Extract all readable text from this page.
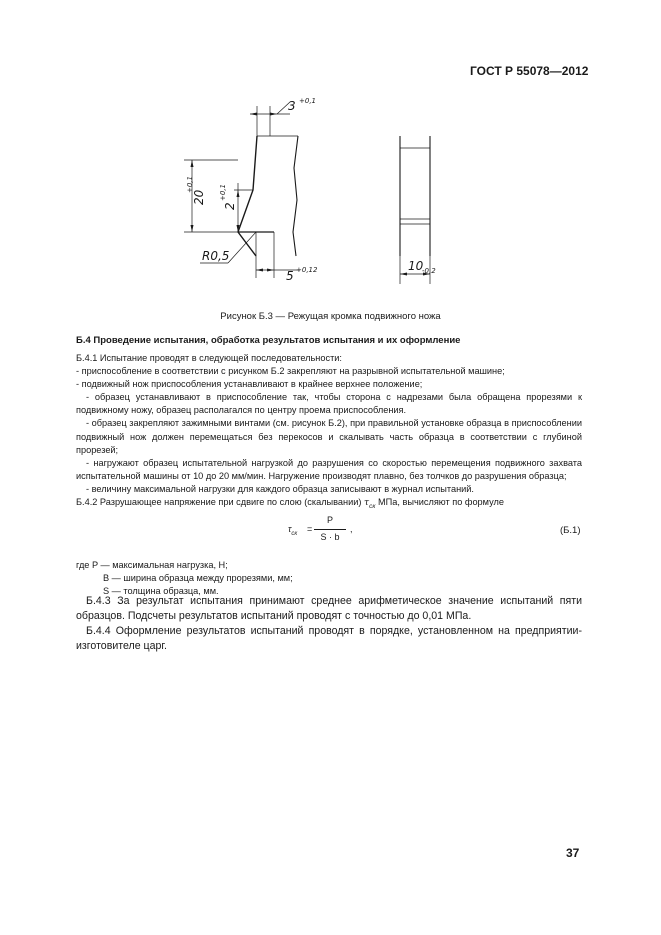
ГОСТ Р 55078—2012
3 +0,1
20
+0,1
2
+0,1
R0,5
5 +0,12	10
-0,2
Рисунок Б.3 — Режущая кромка подвижного ножа
Б.4 Проведение испытания, обработка результатов испытания и их оформление

Б.4.1 Испытание проводят в следующей последовательности:

- приспособление в соответствии с рисунком Б.2 закрепляют на разрывной испытательной машине;

- подвижный нож приспособления устанавливают в крайнее верхнее положение;

- образец устанавливают в приспособление так, чтобы сторона с надрезами была обращена прорезями к подвижному ножу, образец располагался по центру проема приспособления.

- образец закрепляют зажимными винтами (см. рисунок Б.2), при правильной установке образца в приспособлении подвижный нож должен перемещаться без перекосов и скалывать часть образца в соответствии с глубиной прорезей;

- нагружают образец испытательной нагрузкой до разрушения со скоростью перемещения подвижного захвата испытательной машины от 10 до 20 мм/мин. Нагружение производят плавно, без толчков до разрушения образца;

- величину максимальной нагрузки для каждого образца записывают в журнал испытаний.

Б.4.2 Разрушающее напряжение при сдвиге по слою (скалывании) $\tau_{ск}$ МПа, вычисляют по формуле

$\tau_{ск}$ =
P
S · b
,	(Б.1)

где P — максимальная нагрузка, Н;

B — ширина образца между прорезями, мм;

S — толщина образца, мм.

Б.4.3 За результат испытания принимают среднее арифметическое значение испытаний пяти образцов. Подсчеты результатов испытаний проводят с точностью до 0,01 МПа.

Б.4.4 Оформление результатов испытаний проводят в порядке, установленном на предприятии-изготовителе царг.

37
